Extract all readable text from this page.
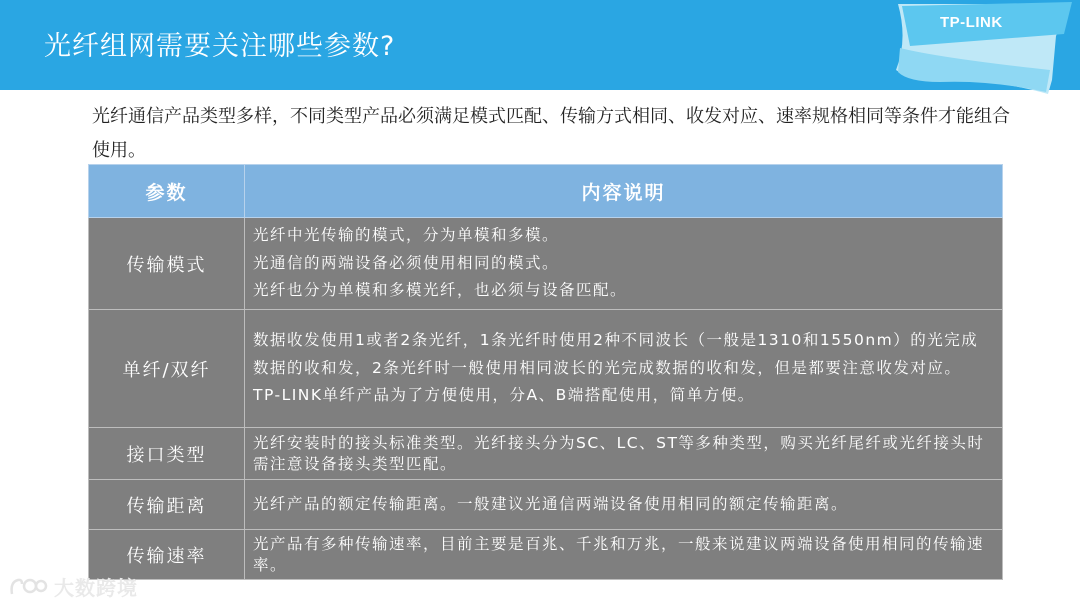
光纤组网需要关注哪些参数?
TP-LINK
光纤通信产品类型多样，不同类型产品必须满足模式匹配、传输方式相同、收发对应、速率规格相同等条件才能组合使用。
参数	内容说明
传输模式	光纤中光传输的模式，分为单模和多模。
光通信的两端设备必须使用相同的模式。
光纤也分为单模和多模光纤，也必须与设备匹配。

单纤/双纤	数据收发使用1或者2条光纤，1条光纤时使用2种不同波长（一般是1310和1550nm）的光完成数据的收和发，2条光纤时一般使用相同波长的光完成数据的收和发，但是都要注意收发对应。
TP-LINK单纤产品为了方便使用，分A、B端搭配使用，简单方便。

接口类型	光纤安装时的接头标准类型。光纤接头分为SC、LC、ST等多种类型，购买光纤尾纤或光纤接头时需注意设备接头类型匹配。

传输距离	光纤产品的额定传输距离。一般建议光通信两端设备使用相同的额定传输距离。

传输速率	光产品有多种传输速率，目前主要是百兆、千兆和万兆，一般来说建议两端设备使用相同的传输速率。
大数跨境
